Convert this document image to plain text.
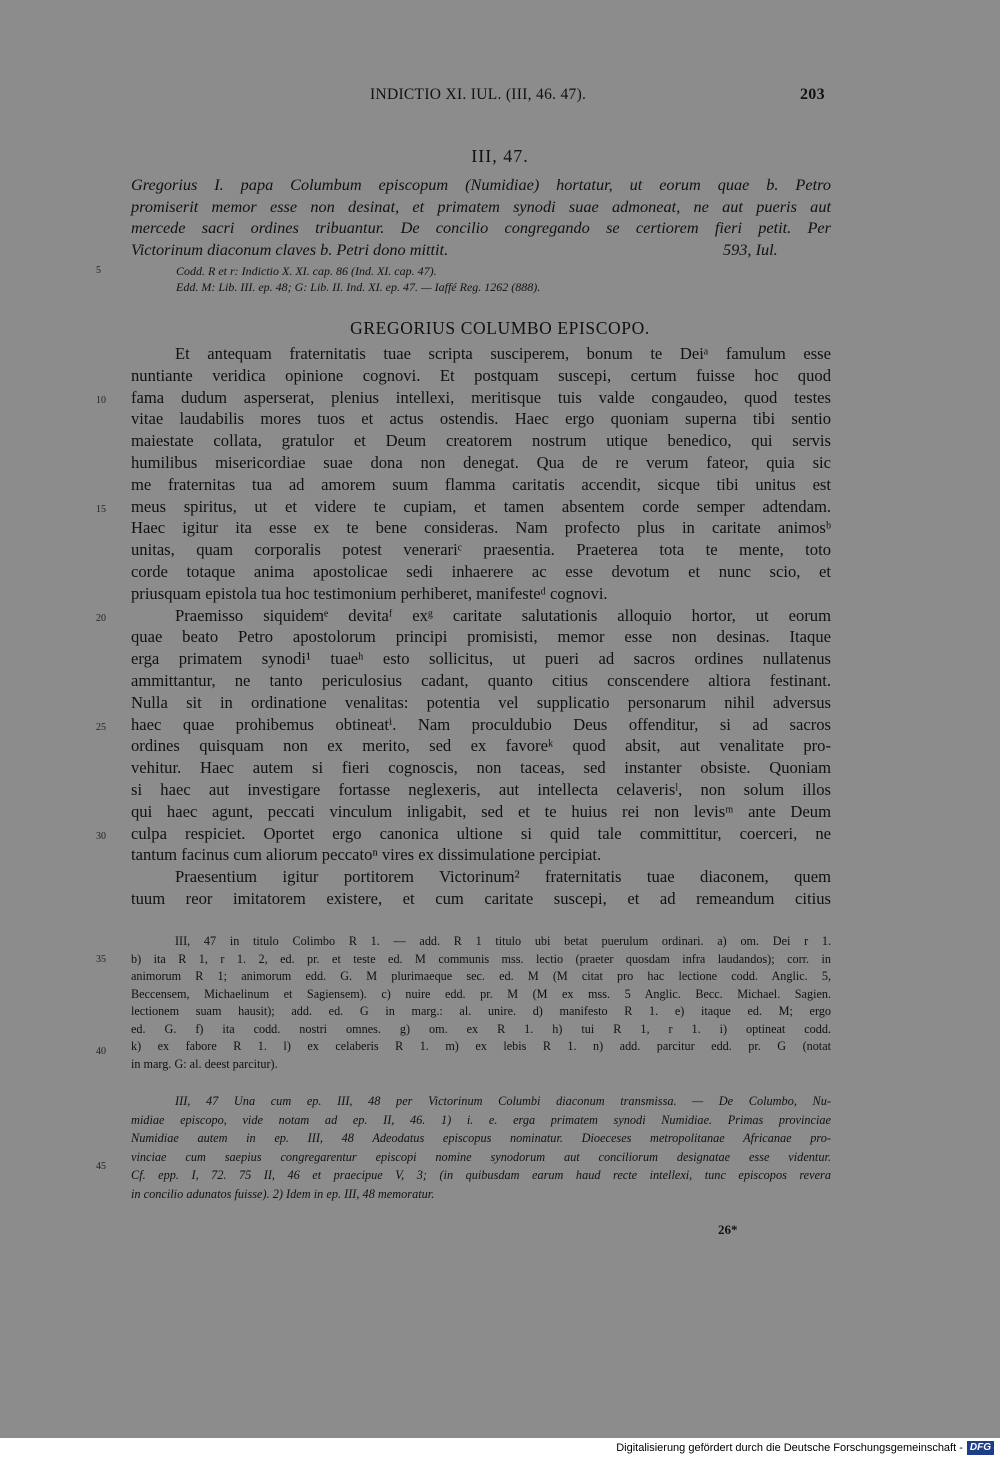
INDICTIO XI. IUL. (III, 46. 47).	203
III, 47.
Gregorius I. papa Columbum episcopum (Numidiae) hortatur, ut eorum quae b. Petro
promiserit memor esse non desinat, et primatem synodi suae admoneat, ne aut pueris aut
mercede sacri ordines tribuantur. De concilio congregando se certiorem fieri petit. Per
Victorinum diaconum claves b. Petri dono mittit.	593, Iul.
5	Codd. R et r: Indictio X. XI. cap. 86 (Ind. XI. cap. 47).
Edd. M: Lib. III. ep. 48; G: Lib. II. Ind. XI. ep. 47. — Iaffé Reg. 1262 (888).
GREGORIUS COLUMBO EPISCOPO.
Et antequam fraternitatis tuae scripta susciperem, bonum te Deiᵃ famulum esse
nuntiante veridica opinione cognovi. Et postquam suscepi, certum fuisse hoc quod
fama dudum asperserat, plenius intellexi, meritisque tuis valde congaudeo, quod testes
vitae laudabilis mores tuos et actus ostendis. Haec ergo quoniam superna tibi sentio
maiestate collata, gratulor et Deum creatorem nostrum utique benedico, qui servis
humilibus misericordiae suae dona non denegat. Qua de re verum fateor, quia sic
me fraternitas tua ad amorem suum flamma caritatis accendit, sicque tibi unitus est
meus spiritus, ut et videre te cupiam, et tamen absentem corde semper adtendam.
Haec igitur ita esse ex te bene consideras. Nam profecto plus in caritate animosᵇ
unitas, quam corporalis potest venerariᶜ praesentia. Praeterea tota te mente, toto
corde totaque anima apostolicae sedi inhaerere ac esse devotum et nunc scio, et
priusquam epistola tua hoc testimonium perhiberet, manifesteᵈ cognovi.
Praemisso siquidemᵉ devitaᶠ exᵍ caritate salutationis alloquio hortor, ut eorum
quae beato Petro apostolorum principi promisisti, memor esse non desinas. Itaque
erga primatem synodi¹ tuaeʰ esto sollicitus, ut pueri ad sacros ordines nullatenus
ammittantur, ne tanto periculosius cadant, quanto citius conscendere altiora festinant.
Nulla sit in ordinatione venalitas: potentia vel supplicatio personarum nihil adversus
haec quae prohibemus obtineatⁱ. Nam proculdubio Deus offenditur, si ad sacros
ordines quisquam non ex merito, sed ex favoreᵏ quod absit, aut venalitate pro-
vehitur. Haec autem si fieri cognoscis, non taceas, sed instanter obsiste. Quoniam
si haec aut investigare fortasse neglexeris, aut intellecta celaverisˡ, non solum illos
qui haec agunt, peccati vinculum inligabit, sed et te huius rei non levisᵐ ante Deum
culpa respiciet. Oportet ergo canonica ultione si quid tale committitur, coerceri, ne
tantum facinus cum aliorum peccatoⁿ vires ex dissimulatione percipiat.
Praesentium igitur portitorem Victorinum² fraternitatis tuae diaconem, quem
tuum reor imitatorem existere, et cum caritate suscepi, et ad remeandum citius
10
15
20
25
30
III, 47 in titulo Colimbo R 1. — add. R 1 titulo ubi betat puerulum ordinari. a) om. Dei r 1.
b) ita R 1, r 1. 2, ed. pr. et teste ed. M communis mss. lectio (praeter quosdam infra laudandos); corr. in
animorum R 1; animorum edd. G. M plurimaeque sec. ed. M (M citat pro hac lectione codd. Anglic. 5,
Beccensem, Michaelinum et Sagiensem). c) nuire edd. pr. M (M ex mss. 5 Anglic. Becc. Michael. Sagien.
lectionem suam hausit); add. ed. G in marg.: al. unire. d) manifesto R 1. e) itaque ed. M; ergo
ed. G. f) ita codd. nostri omnes. g) om. ex R 1. h) tui R 1, r 1. i) optineat codd.
k) ex fabore R 1. l) ex celaberis R 1. m) ex lebis R 1. n) add. parcitur edd. pr. G (notat
in marg. G: al. deest parcitur).
35
40
III, 47 Una cum ep. III, 48 per Victorinum Columbi diaconum transmissa. — De Columbo, Nu-
midiae episcopo, vide notam ad ep. II, 46. 1) i. e. erga primatem synodi Numidiae. Primas provinciae
Numidiae autem in ep. III, 48 Adeodatus episcopus nominatur. Dioeceses metropolitanae Africanae pro-
vinciae cum saepius congregarentur episcopi nomine synodorum aut conciliorum designatae esse videntur.
Cf. epp. I, 72. 75 II, 46 et praecipue V, 3; (in quibusdam earum haud recte intellexi, tunc episcopos revera
in concilio adunatos fuisse). 2) Idem in ep. III, 48 memoratur.
45
26*
Digitalisierung gefördert durch die Deutsche Forschungsgemeinschaft - DFG
